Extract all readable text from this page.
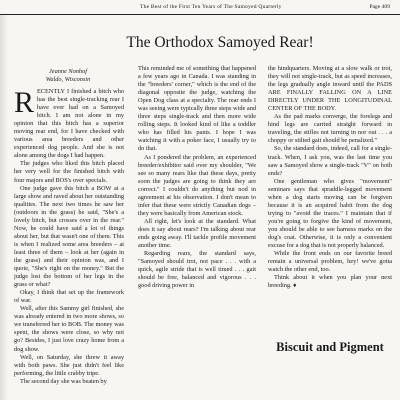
The Best of the First Ten Years of The Samoyed Quarterly	Page 409
The Orthodox Samoyed Rear!
Jeanne Nonhof
Waldo, Wisconsin

RECENTLY I finished a bitch who has the best single-tracking rear I have ever had on a Samoyed bitch. I am not alone in my opinion that this bitch has a superior moving rear end, for I have checked with various area breeders and other experienced dog people. And she is not alone among the dogs I had happen.

The judges who liked this bitch placed her very well for the finished bitch with four majors and BOS's over specials.

One judge gave this bitch a BOW at a large show and raved about her outstanding qualities. The next two times he saw her (outdoors in the grass) he said, "She's a lovely bitch, but crosses over in the rear." Now, he could have said a lot of things about her, but that wasn't one of them. This is when I realized some area breeders – at least three of them – look at her (again in the grass) and their opinion was, and I quote, "She's right on the money." But the judge lost the bottom of her legs in the grass or what?

Okay, I think that set up the framework of war.

Well, after this Sammy girl finished, she was already entered in two more shows, so we transferred her to BOB. The money was spent, the shows were close, so why not go? Besides, I just love crazy home from a dog show.

Well, on Saturday, she threw it away with both paws. She just didn't feel like performing, the little crabby tripe.

The second day she was beaten by

This reminded me of something that happened a few years ago in Canada. I was standing in the "breeders' corner," which is the end of the diagonal opposite the judge, watching the Open Dog class at a specialty. The rear ends I was seeing were typically three steps wide and three steps single-track and then more wide rolling steps. It looked kind of like a toddler who has filled his pants. I hope I was watching it with a poker face, I usually try to do that.

As I pondered the problem, an experienced breeder/exhibitor said over my shoulder, "We see so many rears like that these days, pretty soon the judges are going to think they are correct." I couldn't do anything but nod in agreement at his observation. I don't mean to infer that these were strictly Canadian dogs – they were basically from American stock.

All right, let's look at the standard. What does it say about rears? I'm talking about rear ends going away. I'll tackle profile movement another time.

Regarding rears, the standard says, "Samoyed should trot, not pace . . . with a quick, agile stride that is well timed . . . gait should be free, balanced and vigorous . . . good driving power in

the hindquarters. Moving at a slow walk or trot, they will not single-track, but as speed increases, the legs gradually angle inward until the PADS ARE FINALLY FALLING ON A LINE DIRECTLY UNDER THE LONGITUDINAL CENTER OF THE BODY.

As the pad marks converge, the forelegs and hind legs are carried straight forward in traveling, the stifles not turning in nor out . . . a choppy or stilted gait should be penalized."

So, the standard does, indeed, call for a single-track. When, I ask you, was the last time you saw a Samoyed show a single-track "V" on both ends?

One gentleman who gives "movement" seminars says that spraddle-legged movement when a dog starts moving can be forgiven because it is an acquired habit from the dog trying to "avoid the traces." I maintain that if you're going to forgive the kind of movement, you should be able to see harness marks on the dog's coat. Otherwise, it is only a convenient excuse for a dog that is not properly balanced.

While the front ends on our favorite breed remain a universal problem, hey! we've gotta watch the other end, too.

Think about it when you plan your next breeding. ♦

Biscuit and Pigment
